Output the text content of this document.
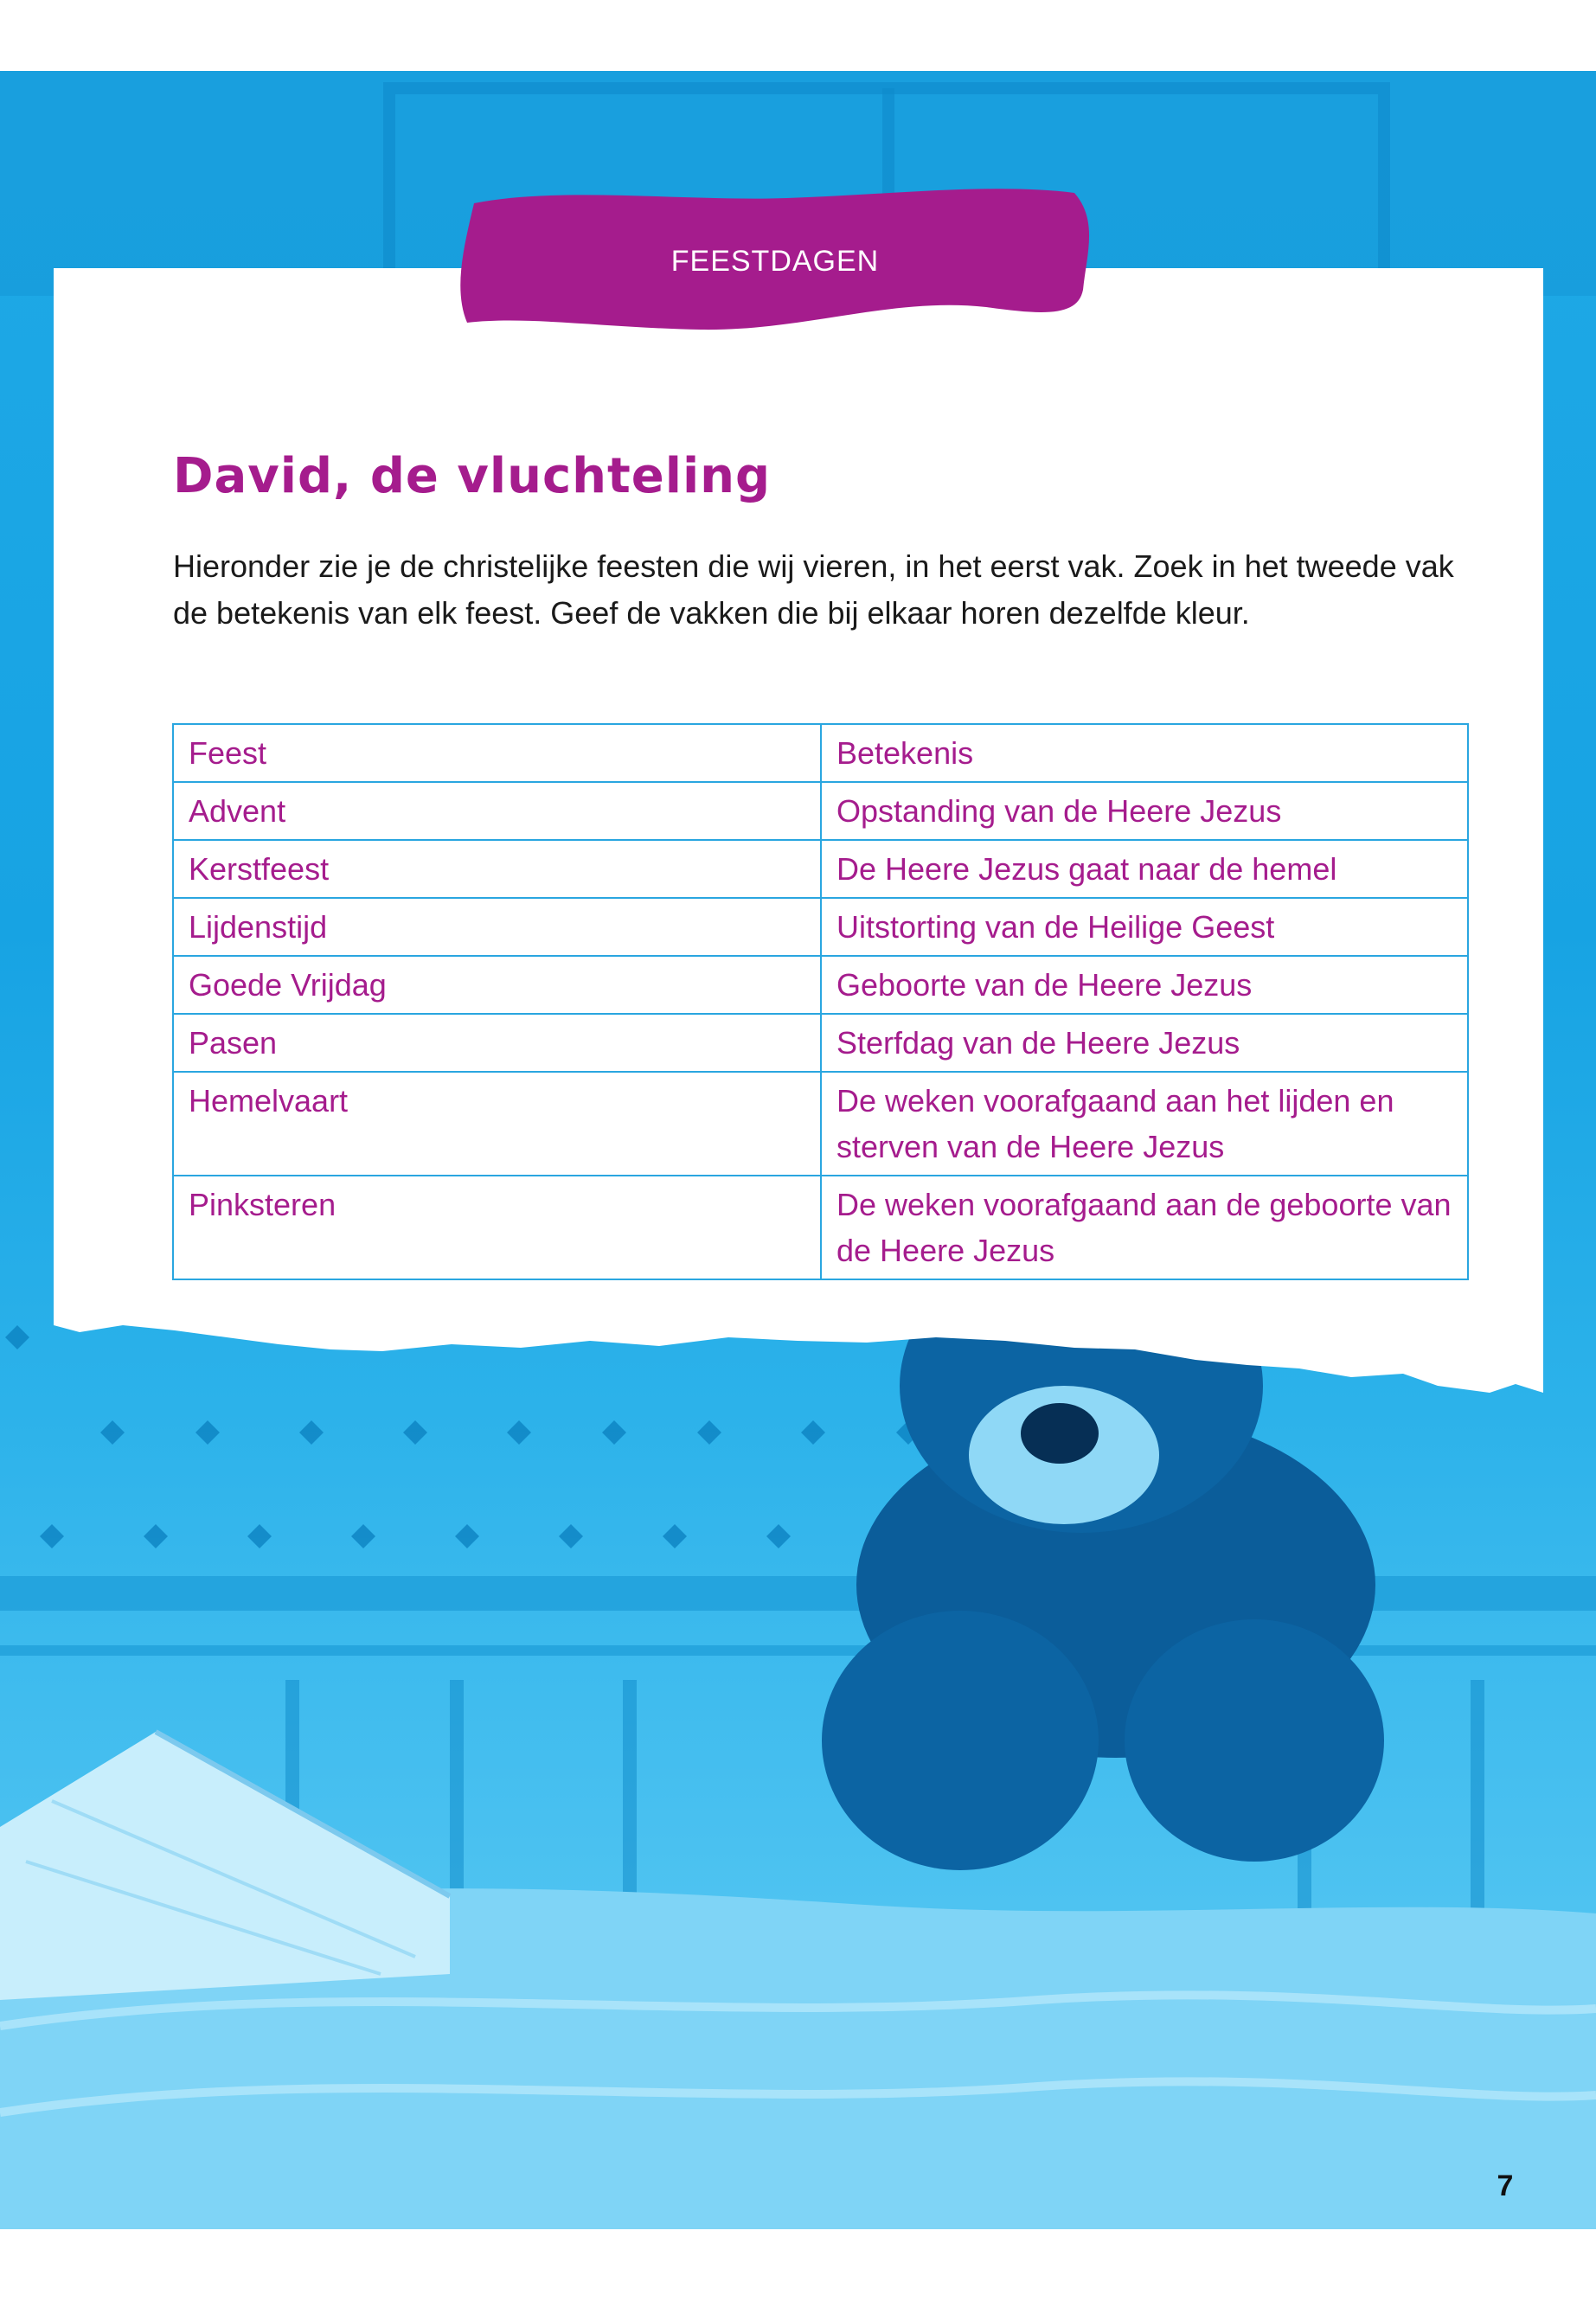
FEESTDAGEN
David, de vluchteling

Hieronder zie je de christelijke feesten die wij vieren, in het eerst vak. Zoek in het tweede vak de betekenis van elk feest. Geef de vakken die bij elkaar horen dezelfde kleur.

Feest	Betekenis
Advent	Opstanding van de Heere Jezus
Kerstfeest	De Heere Jezus gaat naar de hemel
Lijdenstijd	Uitstorting van de Heilige Geest
Goede Vrijdag	Geboorte van de Heere Jezus
Pasen	Sterfdag van de Heere Jezus
Hemelvaart	De weken voorafgaand aan het lijden en sterven van de Heere Jezus
Pinksteren	De weken voorafgaand aan de geboorte van de Heere Jezus
7
